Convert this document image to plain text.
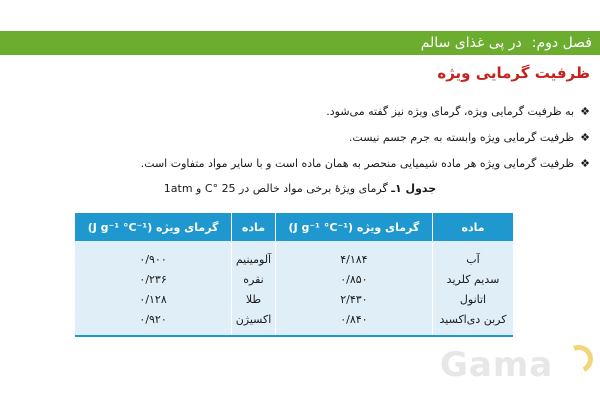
فصل دوم:
در پی غذای سالم
ظرفیت گرمایی ویژه
❖
به ظرفیت گرمایی ویژه، گرمای ویژه نیز گفته می‌شود.
❖
ظرفیت گرمایی ویژه وابسته به جرم جسم نیست.
❖
ظرفیت گرمایی ویژه هر ماده شیمیایی منحصر به همان ماده است و با سایر مواد متفاوت است.
جدول ۱ـ گرمای ویژۀ برخی مواد خالص در 25 °C و 1atm
ماده	گرمای ویژه (J g⁻¹ °C⁻¹)	ماده	گرمای ویژه (J g⁻¹ °C⁻¹)
آب	۴/۱۸۴	آلومینیم	۰/۹۰۰
سدیم کلرید	۰/۸۵۰	نقره	۰/۲۳۶
اتانول	۲/۴۳۰	طلا	۰/۱۲۸
کربن دی‌اکسید	۰/۸۴۰	اکسیژن	۰/۹۲۰
Gama
